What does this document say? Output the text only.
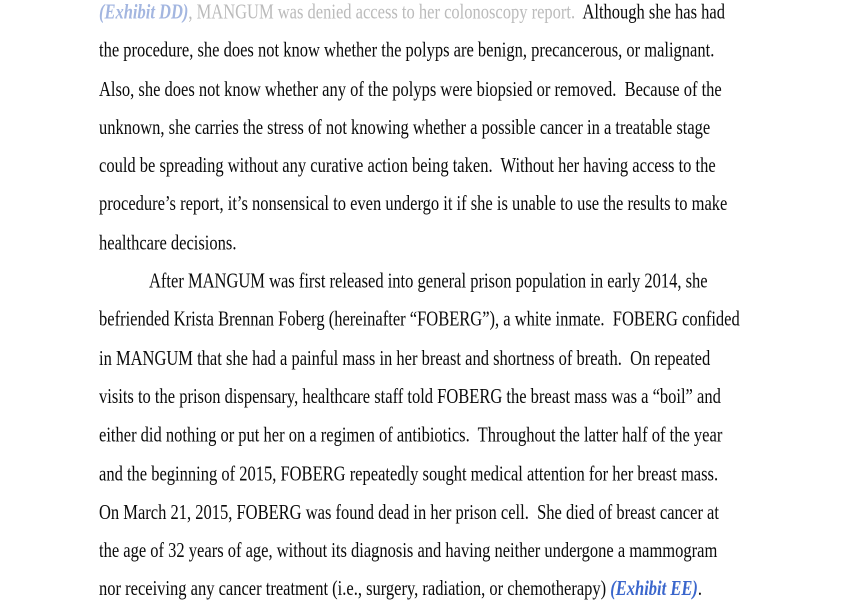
(Exhibit DD), MANGUM was denied access to her colonoscopy report.  Although she has had
the procedure, she does not know whether the polyps are benign, precancerous, or malignant.
Also, she does not know whether any of the polyps were biopsied or removed.  Because of the
unknown, she carries the stress of not knowing whether a possible cancer in a treatable stage
could be spreading without any curative action being taken.  Without her having access to the
procedure’s report, it’s nonsensical to even undergo it if she is unable to use the results to make
healthcare decisions.
After MANGUM was first released into general prison population in early 2014, she
befriended Krista Brennan Foberg (hereinafter “FOBERG”), a white inmate.  FOBERG confided
in MANGUM that she had a painful mass in her breast and shortness of breath.  On repeated
visits to the prison dispensary, healthcare staff told FOBERG the breast mass was a “boil” and
either did nothing or put her on a regimen of antibiotics.  Throughout the latter half of the year
and the beginning of 2015, FOBERG repeatedly sought medical attention for her breast mass.
On March 21, 2015, FOBERG was found dead in her prison cell.  She died of breast cancer at
the age of 32 years of age, without its diagnosis and having neither undergone a mammogram
nor receiving any cancer treatment (i.e., surgery, radiation, or chemotherapy) (Exhibit EE).
